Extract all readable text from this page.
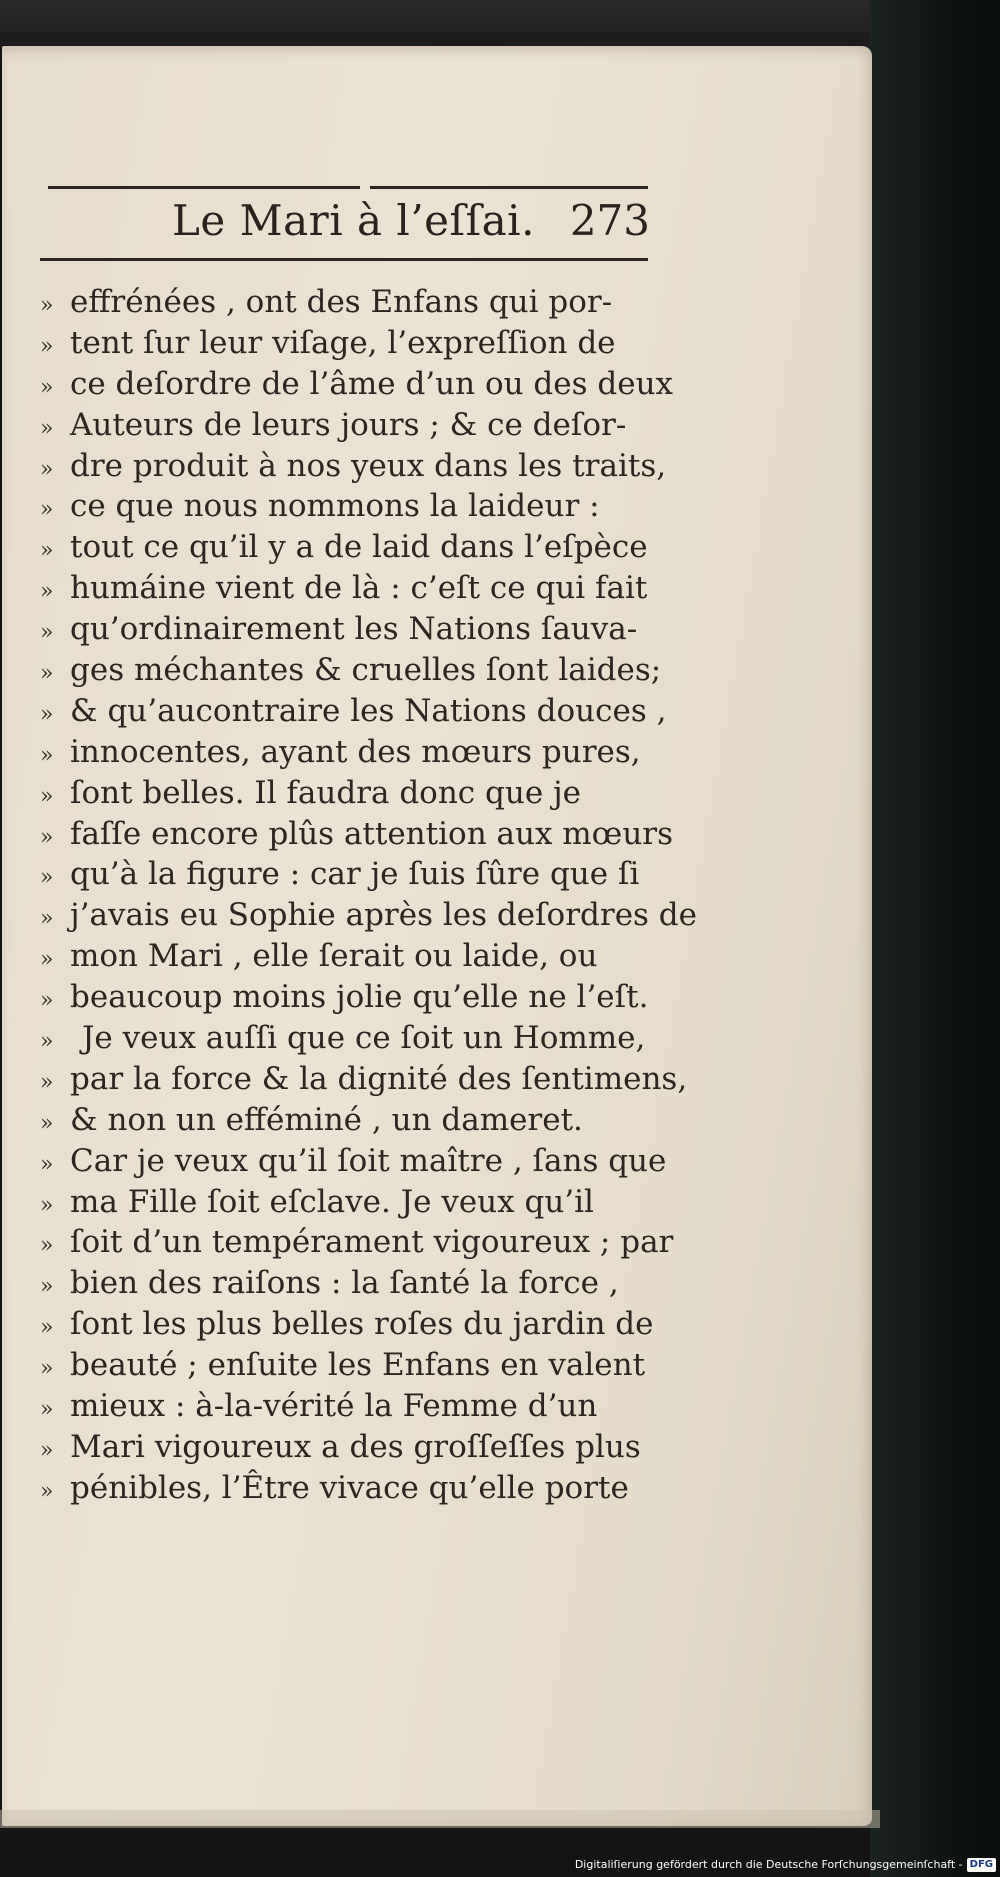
Le Mari à l’eſſai. 273
» effrénées , ont des Enfans qui por-
» tent ſur leur viſage, l’expreſſion de
» ce deſordre de l’âme d’un ou des deux
» Auteurs de leurs jours ; & ce deſor-
» dre produit à nos yeux dans les traits,
» ce que nous nommons la laideur :
» tout ce qu’il y a de laid dans l’eſpèce
» humáine vient de là : c’eſt ce qui fait
» qu’ordinairement les Nations ſauva-
» ges méchantes & cruelles ſont laides;
» & qu’aucontraire les Nations douces ,
» innocentes, ayant des mœurs pures,
» ſont belles. Il faudra donc que je
» faſſe encore plûs attention aux mœurs
» qu’à la figure : car je ſuis ſûre que ſi
» j’avais eu Sophie après les deſordres de
» mon Mari , elle ſerait ou laide, ou
» beaucoup moins jolie qu’elle ne l’eſt.
» Je veux auſſi que ce ſoit un Homme,
» par la force & la dignité des ſentimens,
» & non un efféminé , un dameret.
» Car je veux qu’il ſoit maître , ſans que
» ma Fille ſoit eſclave. Je veux qu’il
» ſoit d’un tempérament vigoureux ; par
» bien des raiſons : la ſanté la force ,
» ſont les plus belles roſes du jardin de
» beauté ; enſuite les Enfans en valent
» mieux : à-la-vérité la Femme d’un
» Mari vigoureux a des groſſeſſes plus
» pénibles, l’Être vivace qu’elle porte
Digitaliſierung gefördert durch die Deutsche Forſchungsgemeinſchaft - DFG
